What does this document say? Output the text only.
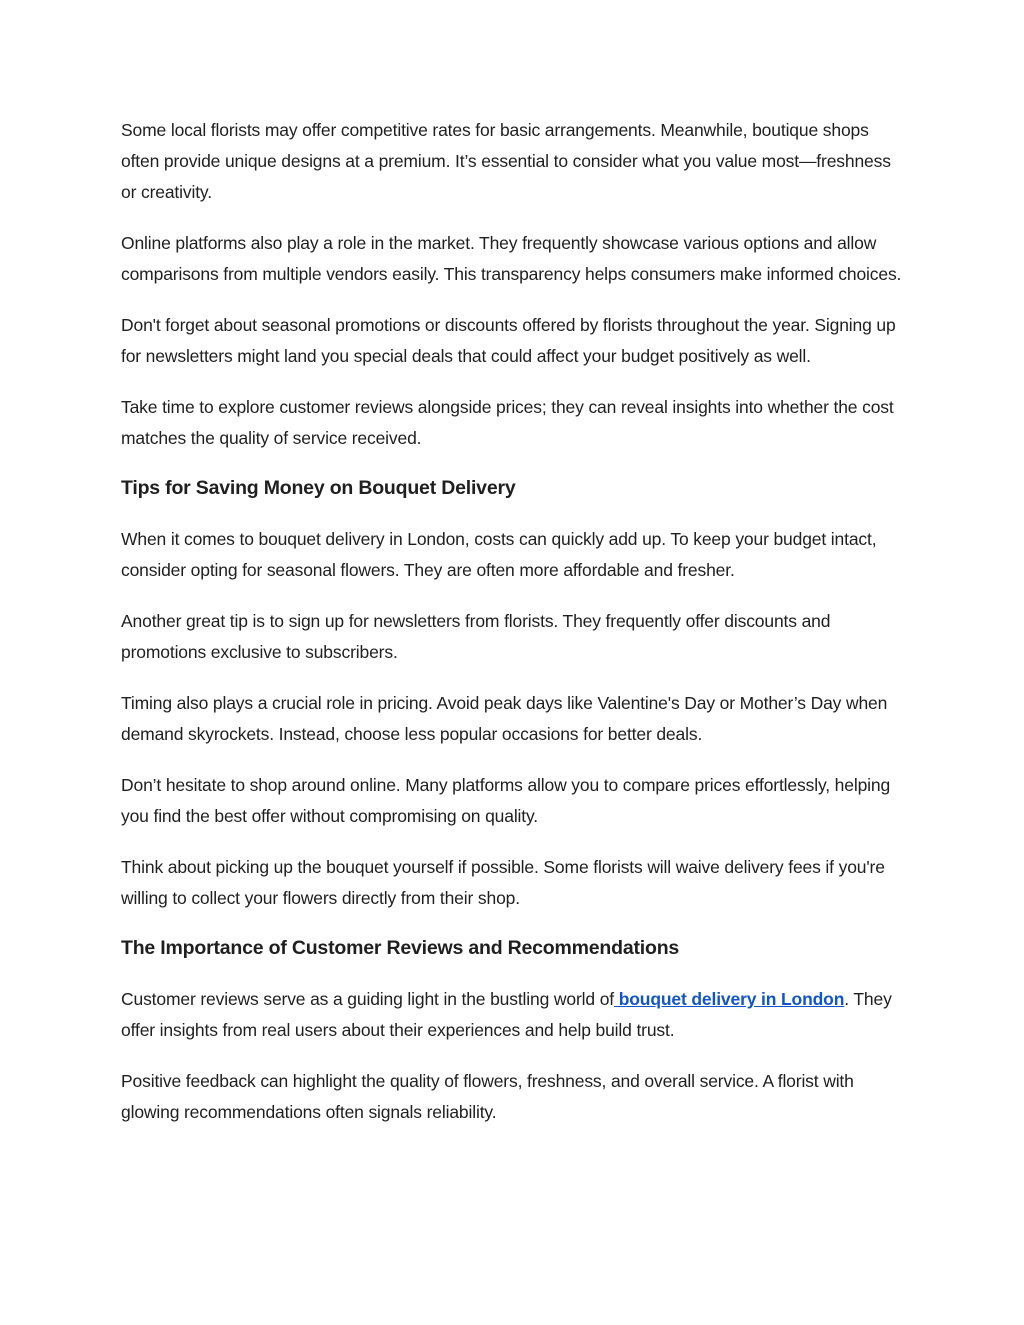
Some local florists may offer competitive rates for basic arrangements. Meanwhile, boutique shops often provide unique designs at a premium. It’s essential to consider what you value most—freshness or creativity.

Online platforms also play a role in the market. They frequently showcase various options and allow comparisons from multiple vendors easily. This transparency helps consumers make informed choices.

Don't forget about seasonal promotions or discounts offered by florists throughout the year. Signing up for newsletters might land you special deals that could affect your budget positively as well.

Take time to explore customer reviews alongside prices; they can reveal insights into whether the cost matches the quality of service received.

Tips for Saving Money on Bouquet Delivery

When it comes to bouquet delivery in London, costs can quickly add up. To keep your budget intact, consider opting for seasonal flowers. They are often more affordable and fresher.

Another great tip is to sign up for newsletters from florists. They frequently offer discounts and promotions exclusive to subscribers.

Timing also plays a crucial role in pricing. Avoid peak days like Valentine's Day or Mother’s Day when demand skyrockets. Instead, choose less popular occasions for better deals.

Don’t hesitate to shop around online. Many platforms allow you to compare prices effortlessly, helping you find the best offer without compromising on quality.

Think about picking up the bouquet yourself if possible. Some florists will waive delivery fees if you're willing to collect your flowers directly from their shop.

The Importance of Customer Reviews and Recommendations

Customer reviews serve as a guiding light in the bustling world of bouquet delivery in London. They offer insights from real users about their experiences and help build trust.

Positive feedback can highlight the quality of flowers, freshness, and overall service. A florist with glowing recommendations often signals reliability.
